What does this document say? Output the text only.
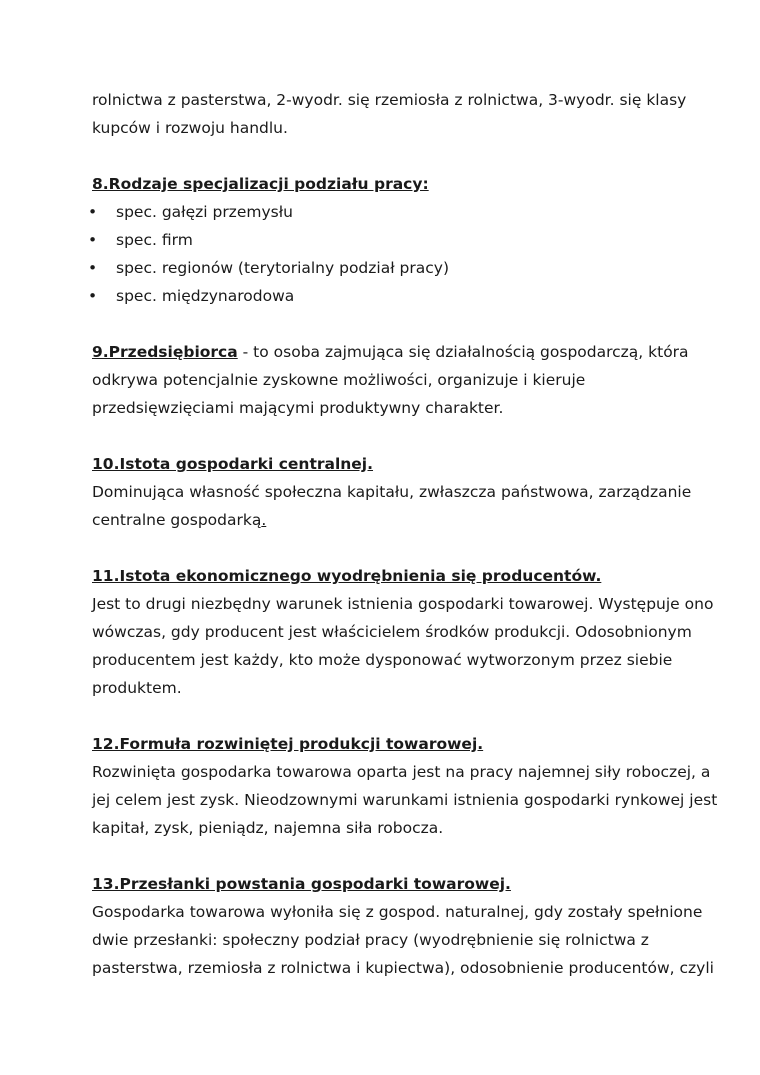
rolnictwa z pasterstwa, 2-wyodr. się rzemiosła z rolnictwa, 3-wyodr. się klasy
kupców i rozwoju handlu.
8.Rodzaje specjalizacji podziału pracy:
• spec. gałęzi przemysłu
• spec. firm
• spec. regionów (terytorialny podział pracy)
• spec. międzynarodowa
9.Przedsiębiorca - to osoba zajmująca się działalnością gospodarczą, która
odkrywa potencjalnie zyskowne możliwości, organizuje i kieruje
przedsięwzięciami mającymi produktywny charakter.
10.Istota gospodarki centralnej.
Dominująca własność społeczna kapitału, zwłaszcza państwowa, zarządzanie
centralne gospodarką.
11.Istota ekonomicznego wyodrębnienia się producentów.
Jest to drugi niezbędny warunek istnienia gospodarki towarowej. Występuje ono
wówczas, gdy producent jest właścicielem środków produkcji. Odosobnionym
producentem jest każdy, kto może dysponować wytworzonym przez siebie
produktem.
12.Formuła rozwiniętej produkcji towarowej.
Rozwinięta gospodarka towarowa oparta jest na pracy najemnej siły roboczej, a
jej celem jest zysk. Nieodzownymi warunkami istnienia gospodarki rynkowej jest
kapitał, zysk, pieniądz, najemna siła robocza.
13.Przesłanki powstania gospodarki towarowej.
Gospodarka towarowa wyłoniła się z gospod. naturalnej, gdy zostały spełnione
dwie przesłanki: społeczny podział pracy (wyodrębnienie się rolnictwa z
pasterstwa, rzemiosła z rolnictwa i kupiectwa), odosobnienie producentów, czyli
